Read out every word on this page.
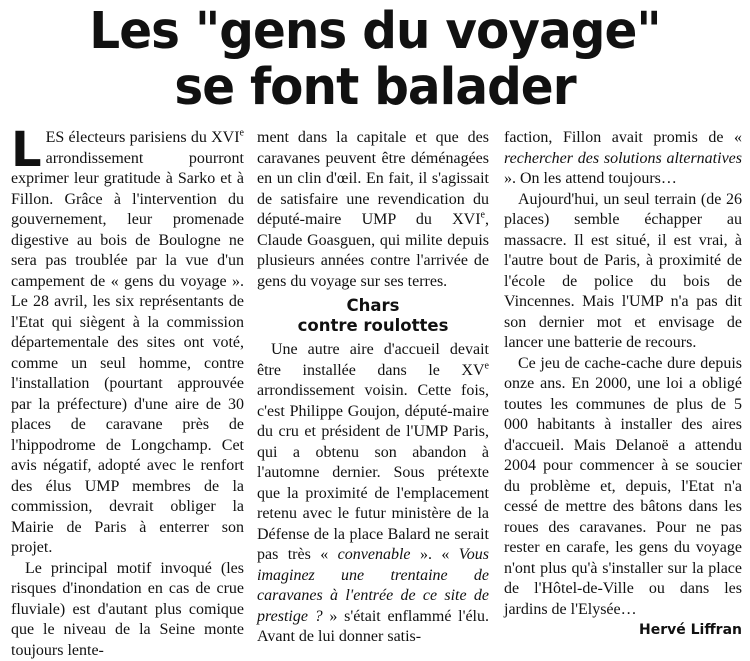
Les "gens du voyage"
se font balader

LES électeurs parisiens du XVIe arrondissement pourront exprimer leur gratitude à Sarko et à Fillon. Grâce à l'intervention du gouvernement, leur promenade digestive au bois de Boulogne ne sera pas troublée par la vue d'un campement de « gens du voyage ». Le 28 avril, les six représentants de l'Etat qui siègent à la commission départementale des sites ont voté, comme un seul homme, contre l'installation (pourtant approuvée par la préfecture) d'une aire de 30 places de caravane près de l'hippodrome de Longchamp. Cet avis négatif, adopté avec le renfort des élus UMP membres de la commission, devrait obliger la Mairie de Paris à enterrer son projet.

Le principal motif invoqué (les risques d'inondation en cas de crue fluviale) est d'autant plus comique que le niveau de la Seine monte toujours lente-

ment dans la capitale et que des caravanes peuvent être déménagées en un clin d'œil. En fait, il s'agissait de satisfaire une revendication du député-maire UMP du XVIe, Claude Goasguen, qui milite depuis plusieurs années contre l'arrivée de gens du voyage sur ses terres.

Chars
contre roulottes

Une autre aire d'accueil devait être installée dans le XVe arrondissement voisin. Cette fois, c'est Philippe Goujon, député-maire du cru et président de l'UMP Paris, qui a obtenu son abandon à l'automne dernier. Sous prétexte que la proximité de l'emplacement retenu avec le futur ministère de la Défense de la place Balard ne serait pas très « convenable ». « Vous imaginez une trentaine de caravanes à l'entrée de ce site de prestige ? » s'était enflammé l'élu. Avant de lui donner satis-

faction, Fillon avait promis de « rechercher des solutions alternatives ». On les attend toujours…

Aujourd'hui, un seul terrain (de 26 places) semble échapper au massacre. Il est situé, il est vrai, à l'autre bout de Paris, à proximité de l'école de police du bois de Vincennes. Mais l'UMP n'a pas dit son dernier mot et envisage de lancer une batterie de recours.

Ce jeu de cache-cache dure depuis onze ans. En 2000, une loi a obligé toutes les communes de plus de 5 000 habitants à installer des aires d'accueil. Mais Delanoë a attendu 2004 pour commencer à se soucier du problème et, depuis, l'Etat n'a cessé de mettre des bâtons dans les roues des caravanes. Pour ne pas rester en carafe, les gens du voyage n'ont plus qu'à s'installer sur la place de l'Hôtel-de-Ville ou dans les jardins de l'Elysée…

Hervé Liffran
